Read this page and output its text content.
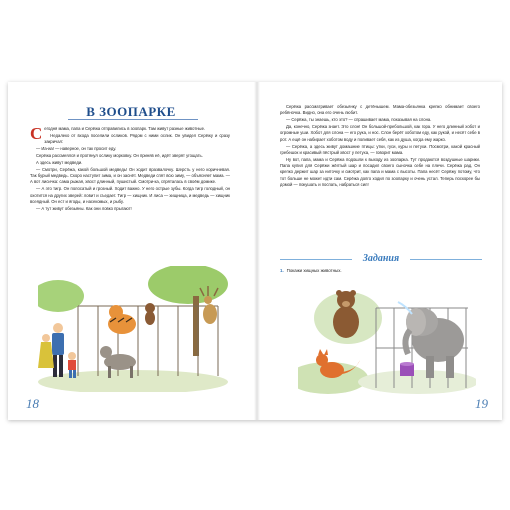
В ЗООПАРКЕ

Сегодня мама, папа и Серёжа отправились в зоопарк. Там живут разные животные.

Недалеко от входа поселили осликов. Рядом с ними ослик. Он увидел Серёжу и сразу закричал:

— Иа-иа! — наверное, он так просит еду.

Серёжа рассмеялся и протянул ослику морковку. Он приняв её, идёт зверят угощать.

А здесь живут медведи.

— Смотри, Серёжа, какой большой медведь! Он ходит вразвалочку. Шерсть у него коричневая. Так бурый медведь. Скоро наступит зима, и он заснёт. Медведи спят всю зиму, — объясняет мама. — А вот лисичка: сама рыжая, хвост длинный, пушистый. Смотри-ка, спряталась в своём домике.

— А это тигр. Он полосатый и грозный. Ходит важно. У него острые зубы. Когда тигр голодный, он охотится на других зверей: ловит и съедает. Тигр — хищник. И лиса — хищница, и медведь — хищник всеядный. Он ест и ягоды, и насекомых, и рыбу.

— А тут живут обезьяны. Как они ловко прыгают!

18

Серёжа рассматривает обезьянку с детёнышем. Мама-обезьянка крепко обнимает своего ребёночка. Видно, она его очень любит.

— Серёжа, ты знаешь, кто это? — спрашивает мама, показывая на слона.

Да, конечно, Серёжа знает. Это слон! Он большой-пребольшой, как гора. У него длинный хобот и огромные уши. Хобот для слона — его рука, и нос. Слон берёт хоботом еду, как рукой, и несёт себе в рот. А ещё он набирает хоботом воду и поливает себя, как из душа, когда ему жарко.

— Серёжа, а здесь живут домашние птицы: утки, гуси, куры и петухи. Посмотри, какой красный гребешок и красивый пёстрый хвост у петуха, — говорит мама.

Ну вот, папа, мама и Серёжа подошли к выходу из зоопарка. Тут продаются воздушные шарики. Папа купил для Серёжи жёлтый шар и посадил своего сыночка себе на плечи. Серёжа рад. Он крепко держит шар за ниточку и смотрит, как папа и мама с высоты. Папа несёт Серёжу потому, что тот больше не может идти сам. Серёжа долго ходил по зоопарку и очень устал. Теперь поскорее бы домой — покушать и поспать, набраться сил!

Задания
1. Покажи хищных животных.
19
